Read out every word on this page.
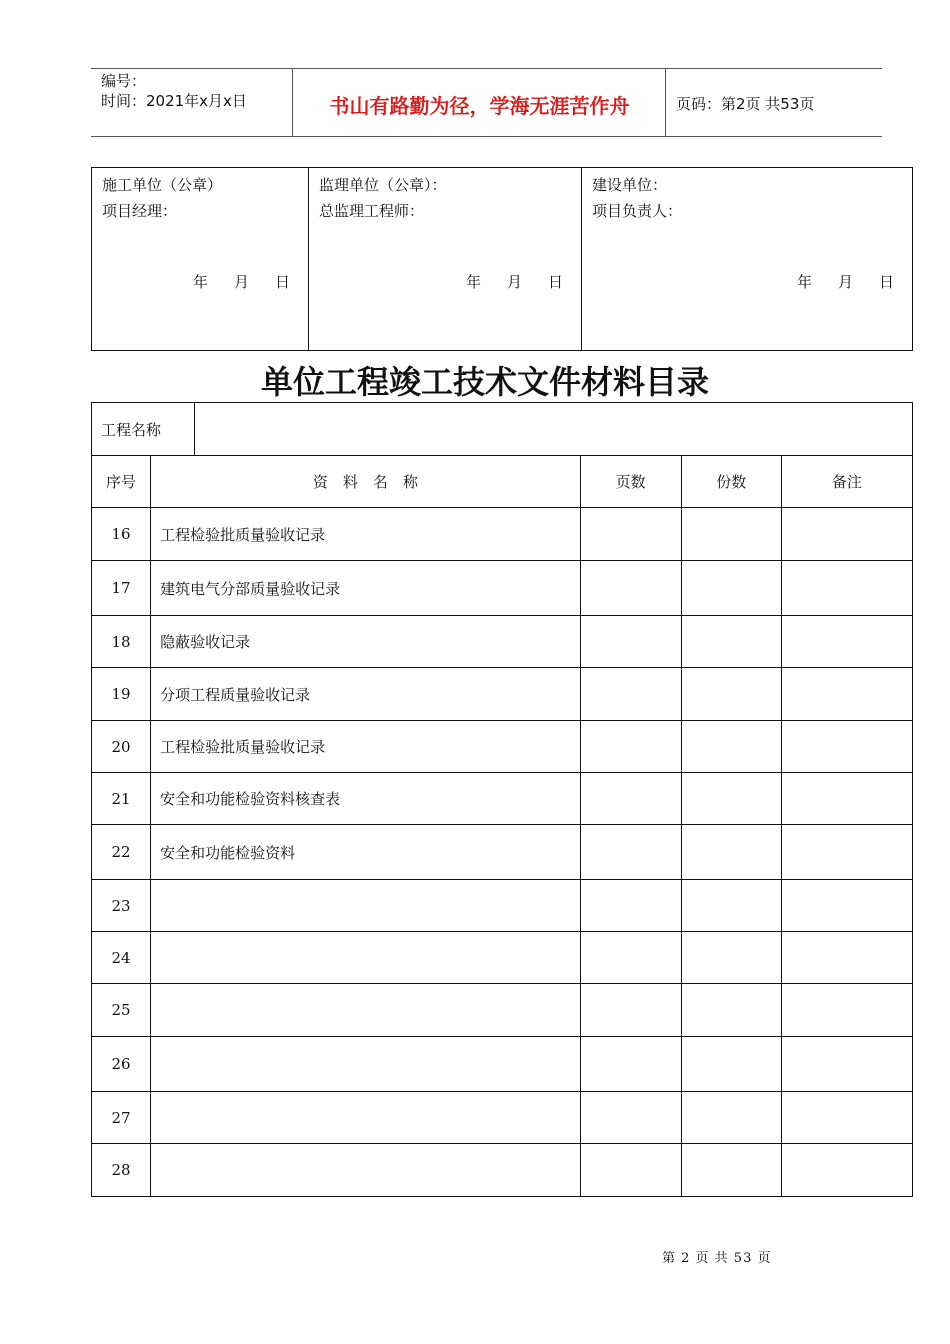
编号：
时间：2021年x月x日	书山有路勤为径，学海无涯苦作舟	页码：第2页 共53页
施工单位（公章）
项目经理：
年 月 日

监理单位（公章）：
总监理工程师：
年 月 日

建设单位：
项目负责人：
年 月 日
单位工程竣工技术文件材料目录
工程名称					
序号	资　料　名　称		页数	份数	备注
16	工程检验批质量验收记录				
17	建筑电气分部质量验收记录				
18	隐蔽验收记录				
19	分项工程质量验收记录				
20	工程检验批质量验收记录				
21	安全和功能检验资料核查表				
22	安全和功能检验资料				
23					
24					
25					
26					
27					
28					
第 2 页 共 53 页
